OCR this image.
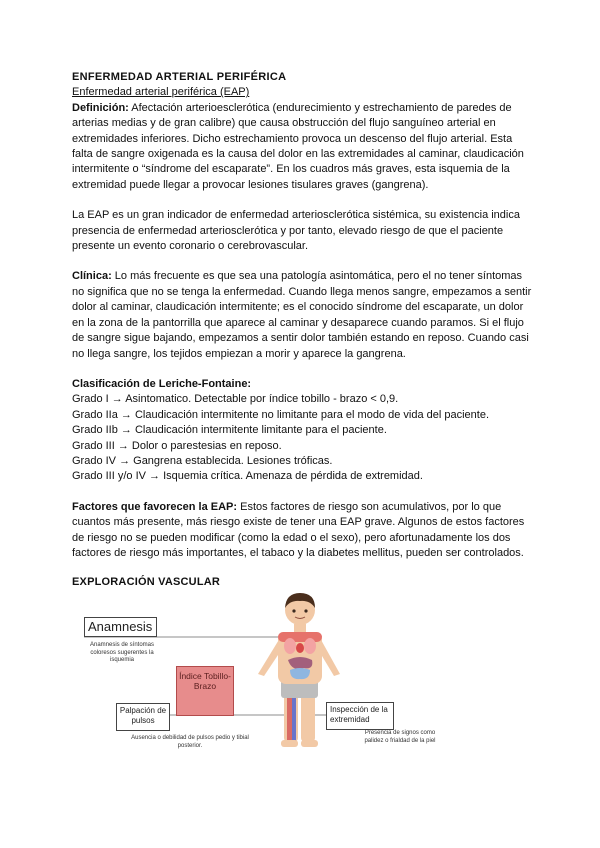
ENFERMEDAD ARTERIAL PERIFÉRICA

Enfermedad arterial periférica (EAP)

Definición: Afectación arterioesclerótica (endurecimiento y estrechamiento de paredes de arterias medias y de gran calibre) que causa obstrucción del flujo sanguíneo arterial en extremidades inferiores. Dicho estrechamiento provoca un descenso del flujo arterial. Esta falta de sangre oxigenada es la causa del dolor en las extremidades al caminar, claudicación intermitente o “síndrome del escaparate”. En los cuadros más graves, esta isquemia de la extremidad puede llegar a provocar lesiones tisulares graves (gangrena).

La EAP es un gran indicador de enfermedad arteriosclerótica sistémica, su existencia indica presencia de enfermedad arteriosclerótica y por tanto, elevado riesgo de que el paciente presente un evento coronario o cerebrovascular.

Clínica: Lo más frecuente es que sea una patología asintomática, pero el no tener síntomas no significa que no se tenga la enfermedad. Cuando llega menos sangre, empezamos a sentir dolor al caminar, claudicación intermitente; es el conocido síndrome del escaparate, un dolor en la zona de la pantorrilla que aparece al caminar y desaparece cuando paramos. Si el flujo de sangre sigue bajando, empezamos a sentir dolor también estando en reposo. Cuando casi no llega sangre, los tejidos empiezan a morir y aparece la gangrena.

Clasificación de Leriche-Fontaine:

Grado I → Asintomatico. Detectable por índice tobillo - brazo < 0,9.

Grado IIa → Claudicación intermitente no limitante para el modo de vida del paciente.

Grado IIb → Claudicación intermitente limitante para el paciente.

Grado III → Dolor o parestesias en reposo.

Grado IV → Gangrena establecida. Lesiones tróficas.

Grado III y/o IV → Isquemia crítica. Amenaza de pérdida de extremidad.

Factores que favorecen la EAP: Estos factores de riesgo son acumulativos, por lo que cuantos más presente, más riesgo existe de tener una EAP grave. Algunos de estos factores de riesgo no se pueden modificar (como la edad o el sexo), pero afortunadamente los dos factores de riesgo más importantes, el tabaco y la diabetes mellitus, pueden ser controlados.

EXPLORACIÓN VASCULAR

Anamnesis
Anamnesis de síntomas coloresos sugerentes la isquemia
Índice Tobillo-Brazo
Palpación de pulsos
Ausencia o debilidad de pulsos pedio y tibial posterior.
Inspección de la extremidad
Presencia de signos como palidez o frialdad de la piel
